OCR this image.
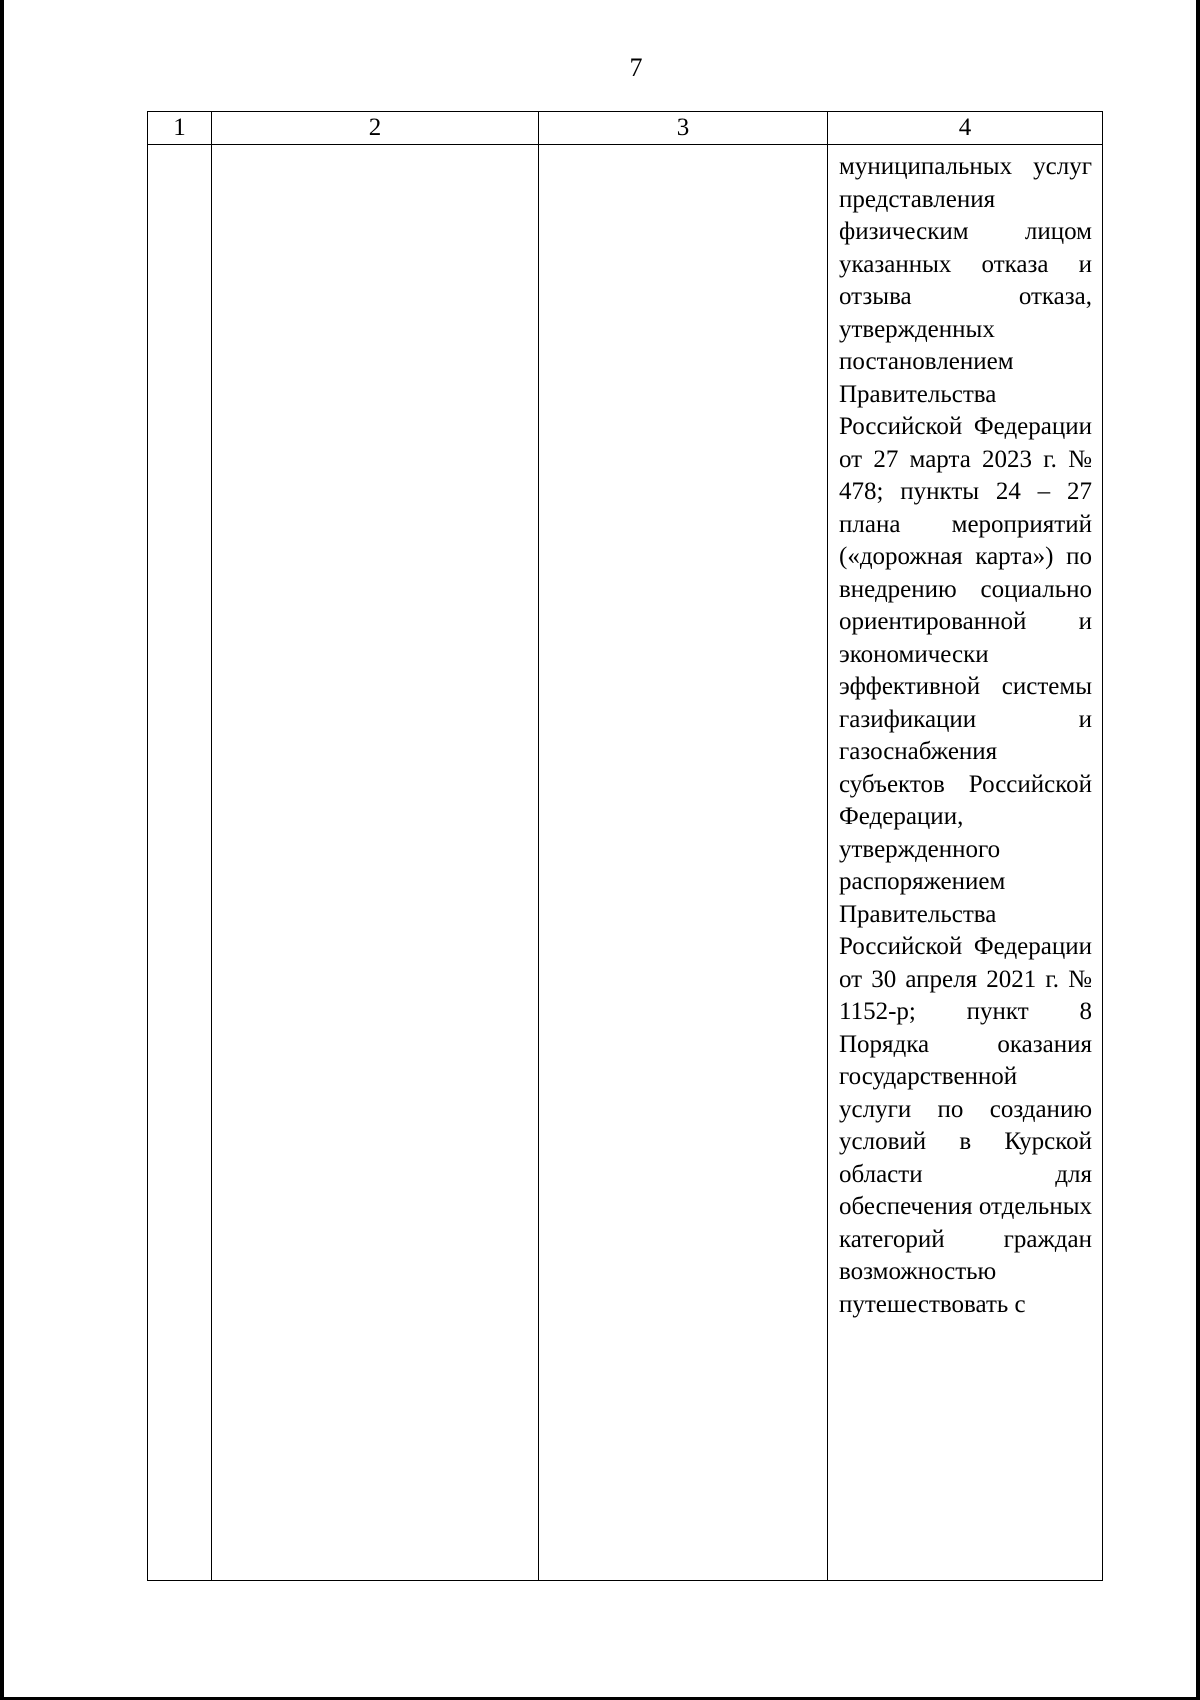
7
1	2	3	4

			муниципальных услуг представления физическим лицом указанных отказа и отзыва отказа, утвержденных постановлением Правительства Российской Федерации от 27 марта 2023 г. № 478; пункты 24 – 27 плана мероприятий («дорожная карта») по внедрению социально ориентированной и экономически эффективной системы газификации и газоснабжения субъектов Российской Федерации, утвержденного распоряжением Правительства Российской Федерации от 30 апреля 2021 г. № 1152-р; пункт 8 Порядка оказания государственной услуги по созданию условий в Курской области для обеспечения отдельных категорий граждан возможностью путешествовать с
